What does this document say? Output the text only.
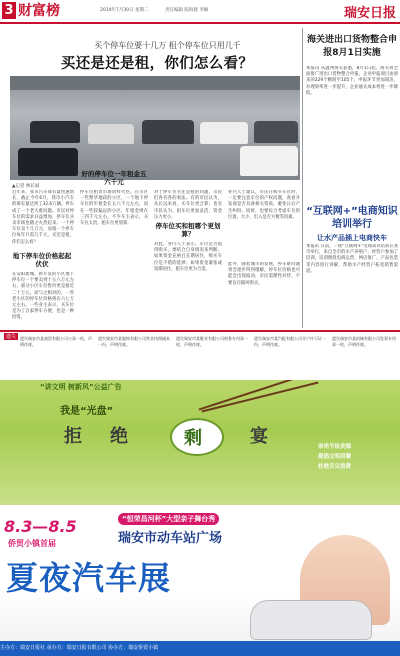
3 财富榜	2019年7月30日 星期二	责任编辑 陈海建 李楠	瑞安日报
买个停车位要十几万 租个停车位只用几千
买还是还是租，你们怎么看？
▲记者 林长斌
近年来，我市汽车保有量快速增长，截止今年6月，我市小汽车的保有量达到了32.6万辆。停车成了一个老大难问题。市民对停车位的需求日益增加，停车位买卖市场也随之火热起来。一个停车位卖十几万元，而租一个停车位每年只需几千元，买还是租，你们怎么看？
地下停车位价格起起伏伏
在安阳新城，新开发的小区地下停车位一个要卖到十五六万元左右，部分小区车位售价更是接近二十万元。而与之相对的，一些老小区的停车位价格则在六七万元左右。一些业主表示，买车位是为了自家停车方便，也是一种投资。
好的停车位一年租金五六千元
停车位租赁市场同样火热。在市区一些繁华地段的小区，一个地下停车位的年租金在五六千元左右，而在一些较偏远的小区，年租金则在三四千元左右。不少车主表示，买车位太贵，租车位更划算。
对于停车位买还是租的问题，市民们各有各的看法。有的市民认为，从长远来看，买车位更合算；也有市民认为，租车位更加灵活，资金压力更小。
停车位买和租哪个更划算？
对此，业内人士表示，车位是否值得购买，要结合自身情况来判断。如果资金充裕且长期居住，购买车位是不错的选择；如果资金紧张或短期居住，租车位更为合适。
业内人士建议，市民在购买车位时，一定要注意车位的产权问题，查看开发商是否具备相关资质，避免日后产生纠纷。同时，也要综合考虑车位的位置、大小、出入是否方便等因素。
此外，随着城市的发展，停车难问题将会逐步得到缓解，停车位价格也可能会出现波动，市民需理性对待，不要盲目跟风购买。
海关进出口货物整合申报8月1日实施
本报讯 从温州海关获悉，8月1日起，海关将全面推广进出口货物整合申报，企业申报项目由原来的229个精简至105个，申报环节更加简洁，办理效率进一步提升，企业通关成本将进一步降低。
“互联网+”电商知识培训举行
让水产品插上电商快车
本报讯 日前，一场“互联网+”电商知识培训在我市举行，来自全市的水产养殖户、经营户参加了培训。培训围绕电商运营、网店推广、产品包装等内容进行讲解，帮助水产经营户拓宽销售渠道。
遗失 遗失瑞安市某商贸有限公司公章一枚，声明作废。
遗失瑞安市某服饰有限公司营业执照副本一份，声明作废。
遗失瑞安市某鞋业有限公司财务专用章一枚，声明作废。
遗失瑞安市某汽配有限公司开户许可证一份，声明作废。
遗失瑞安市某机械有限公司发票专用章一枚，声明作废。
“讲文明 树新风”公益广告
我是“光盘”
拒 绝	剩	宴	崇尚节俭美德
提倡文明用餐
杜绝舌尖浪费
8.3—8.5
侨贸小镇首届
“恒荣昌河杯”大型亲子舞台秀
瑞安市动车站广场
夏夜汽车展
主办方：瑞安日报社 承办方：瑞安日报有限公司 协办方：瑞安侨贸小镇
